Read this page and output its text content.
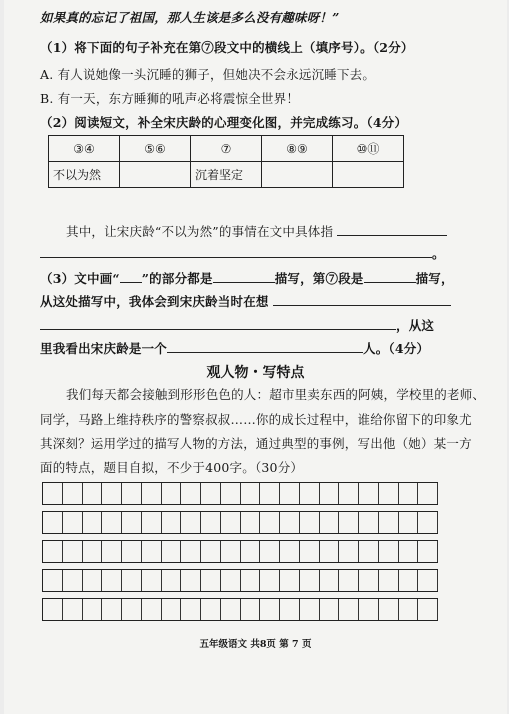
如果真的忘记了祖国，那人生该是多么没有趣味呀！”
（1）将下面的句子补充在第⑦段文中的横线上（填序号）。（2分）
A. 有人说她像一头沉睡的狮子，但她决不会永远沉睡下去。
B. 有一天，东方睡狮的吼声必将震惊全世界！
（2）阅读短文，补全宋庆龄的心理变化图，并完成练习。（4分）
③④	⑤⑥	⑦	⑧⑨	⑩⑪
不以为然		沉着坚定		
其中，让宋庆龄“不以为然”的事情在文中具体指
。
（3）文中画“ ”的部分都是	描写，第⑦段是	描写，
从这处描写中，我体会到宋庆龄当时在想
，从这
里我看出宋庆龄是一个	人。（4分）
观人物・写特点
我们每天都会接触到形形色色的人：超市里卖东西的阿姨，学校里的老师、
同学，马路上维持秩序的警察叔叔……你的成长过程中，谁给你留下的印象尤
其深刻？运用学过的描写人物的方法，通过典型的事例，写出他（她）某一方
面的特点，题目自拟，不少于400字。（30分）
五年级语文 共8页 第 7 页
